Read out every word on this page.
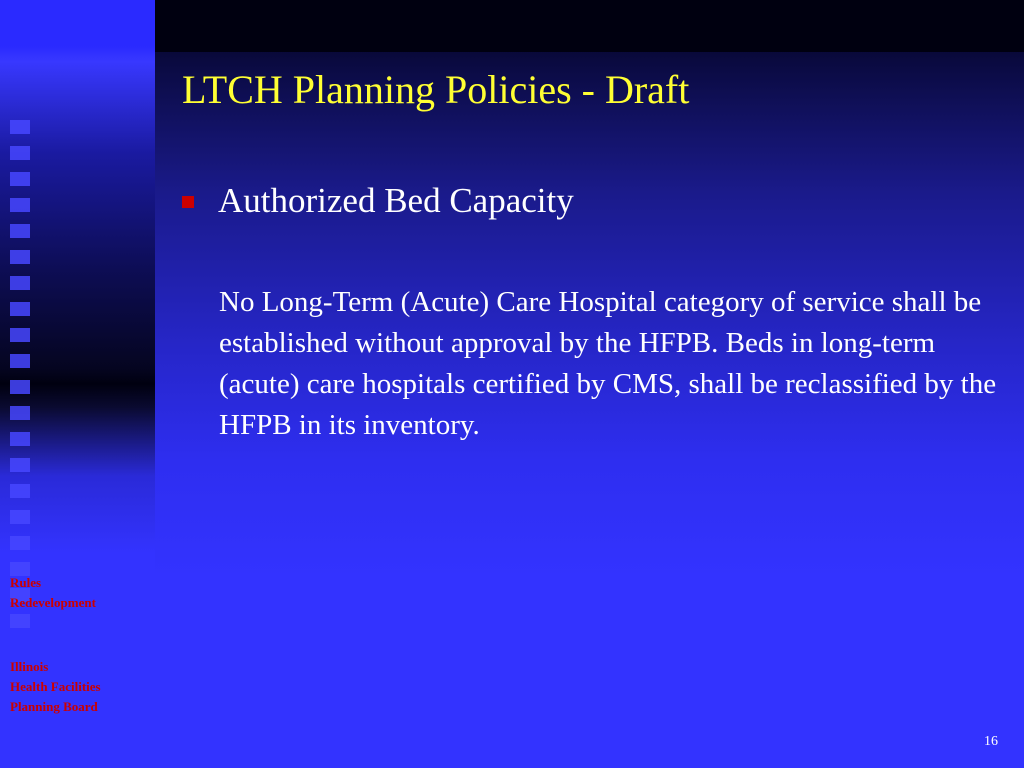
Rules
Redevelopment
Illinois
Health Facilities
Planning Board
LTCH Planning Policies - Draft
Authorized Bed Capacity
No Long-Term (Acute) Care Hospital category of service shall be established without approval by the HFPB. Beds in long-term (acute) care hospitals certified by CMS, shall be reclassified by the HFPB in its inventory.
16
